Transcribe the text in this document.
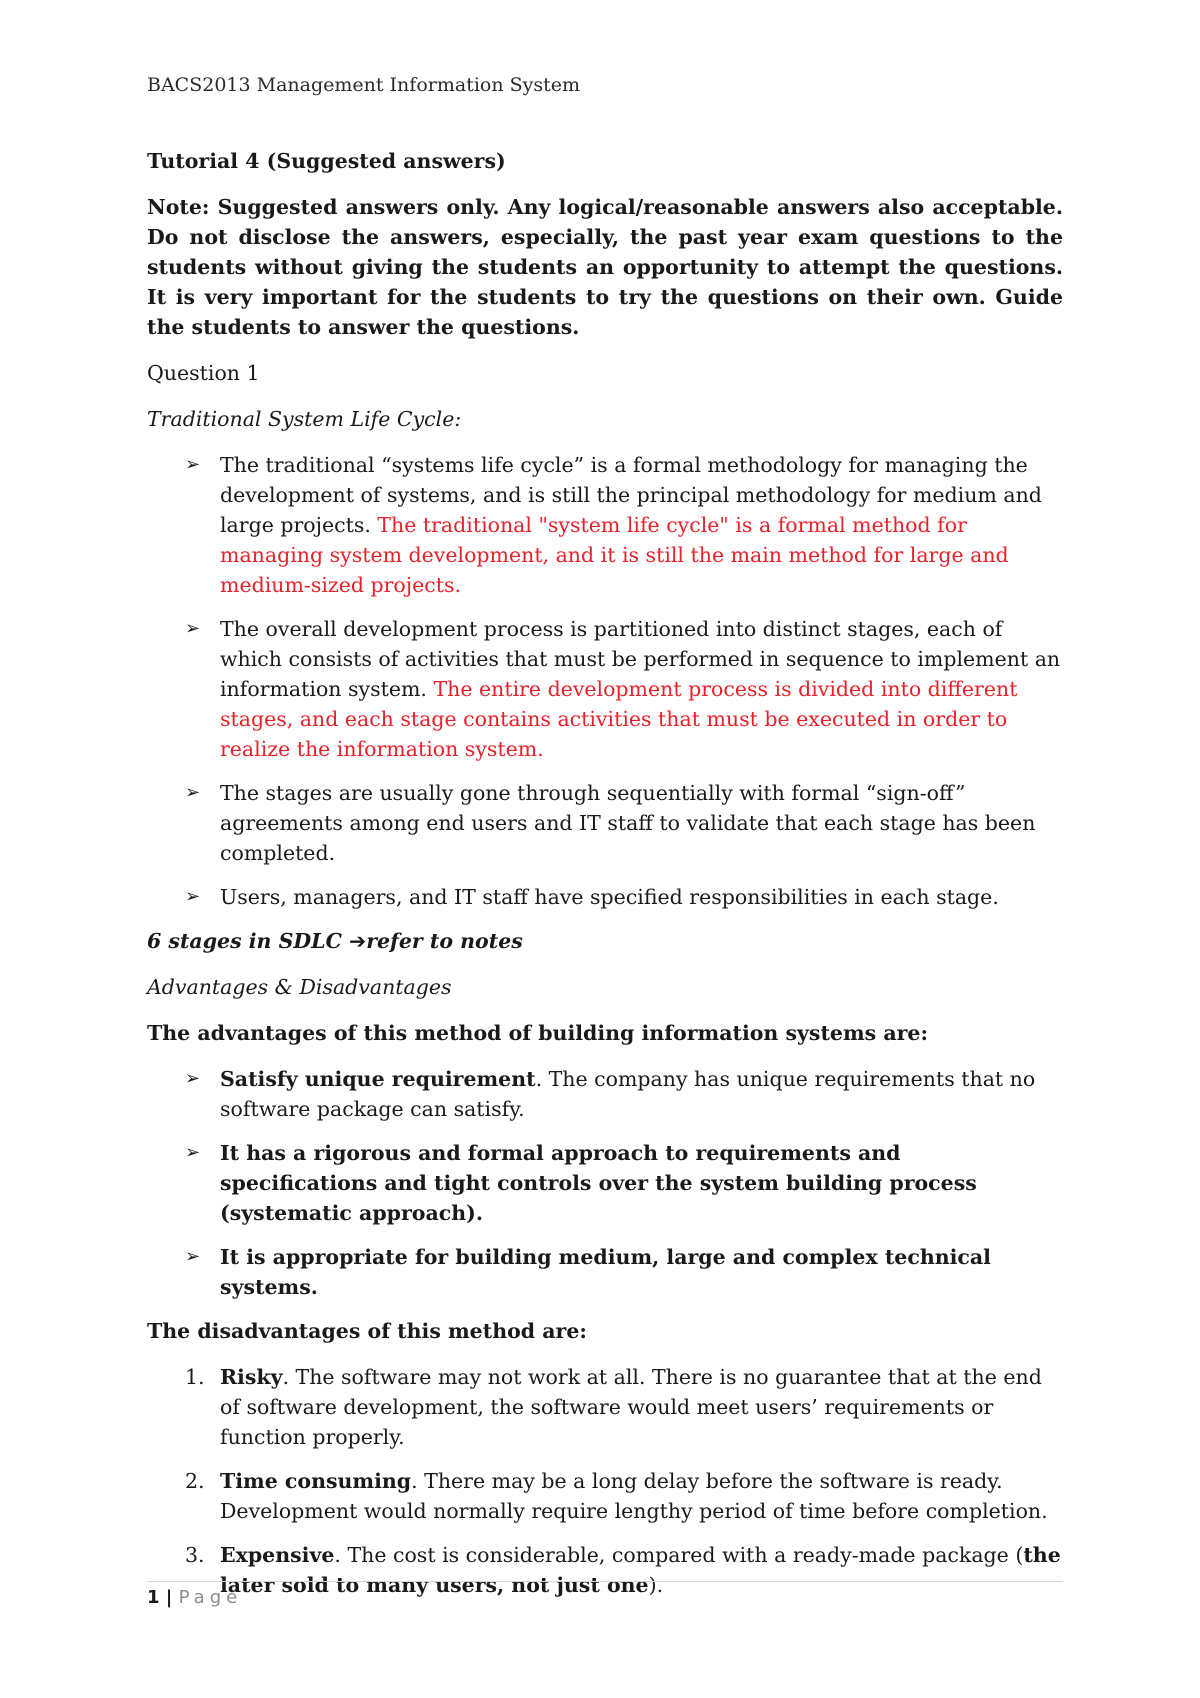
BACS2013 Management Information System

Tutorial 4 (Suggested answers)

Note: Suggested answers only. Any logical/reasonable answers also acceptable. Do not disclose the answers, especially, the past year exam questions to the students without giving the students an opportunity to attempt the questions. It is very important for the students to try the questions on their own. Guide the students to answer the questions.

Question 1

Traditional System Life Cycle:

➢ The traditional “systems life cycle” is a formal methodology for managing the development of systems, and is still the principal methodology for medium and large projects. The traditional "system life cycle" is a formal method for managing system development, and it is still the main method for large and medium-sized projects.
➢ The overall development process is partitioned into distinct stages, each of which consists of activities that must be performed in sequence to implement an information system. The entire development process is divided into different stages, and each stage contains activities that must be executed in order to realize the information system.
➢ The stages are usually gone through sequentially with formal “sign-off” agreements among end users and IT staff to validate that each stage has been completed.
➢ Users, managers, and IT staff have specified responsibilities in each stage.

6 stages in SDLC ➔refer to notes

Advantages & Disadvantages

The advantages of this method of building information systems are:

➢ Satisfy unique requirement. The company has unique requirements that no software package can satisfy.
➢ It has a rigorous and formal approach to requirements and specifications and tight controls over the system building process (systematic approach).
➢ It is appropriate for building medium, large and complex technical systems.

The disadvantages of this method are:

1. Risky. The software may not work at all. There is no guarantee that at the end of software development, the software would meet users’ requirements or function properly.
2. Time consuming. There may be a long delay before the software is ready. Development would normally require lengthy period of time before completion.
3. Expensive. The cost is considerable, compared with a ready-made package (the later sold to many users, not just one).
1 | Page
